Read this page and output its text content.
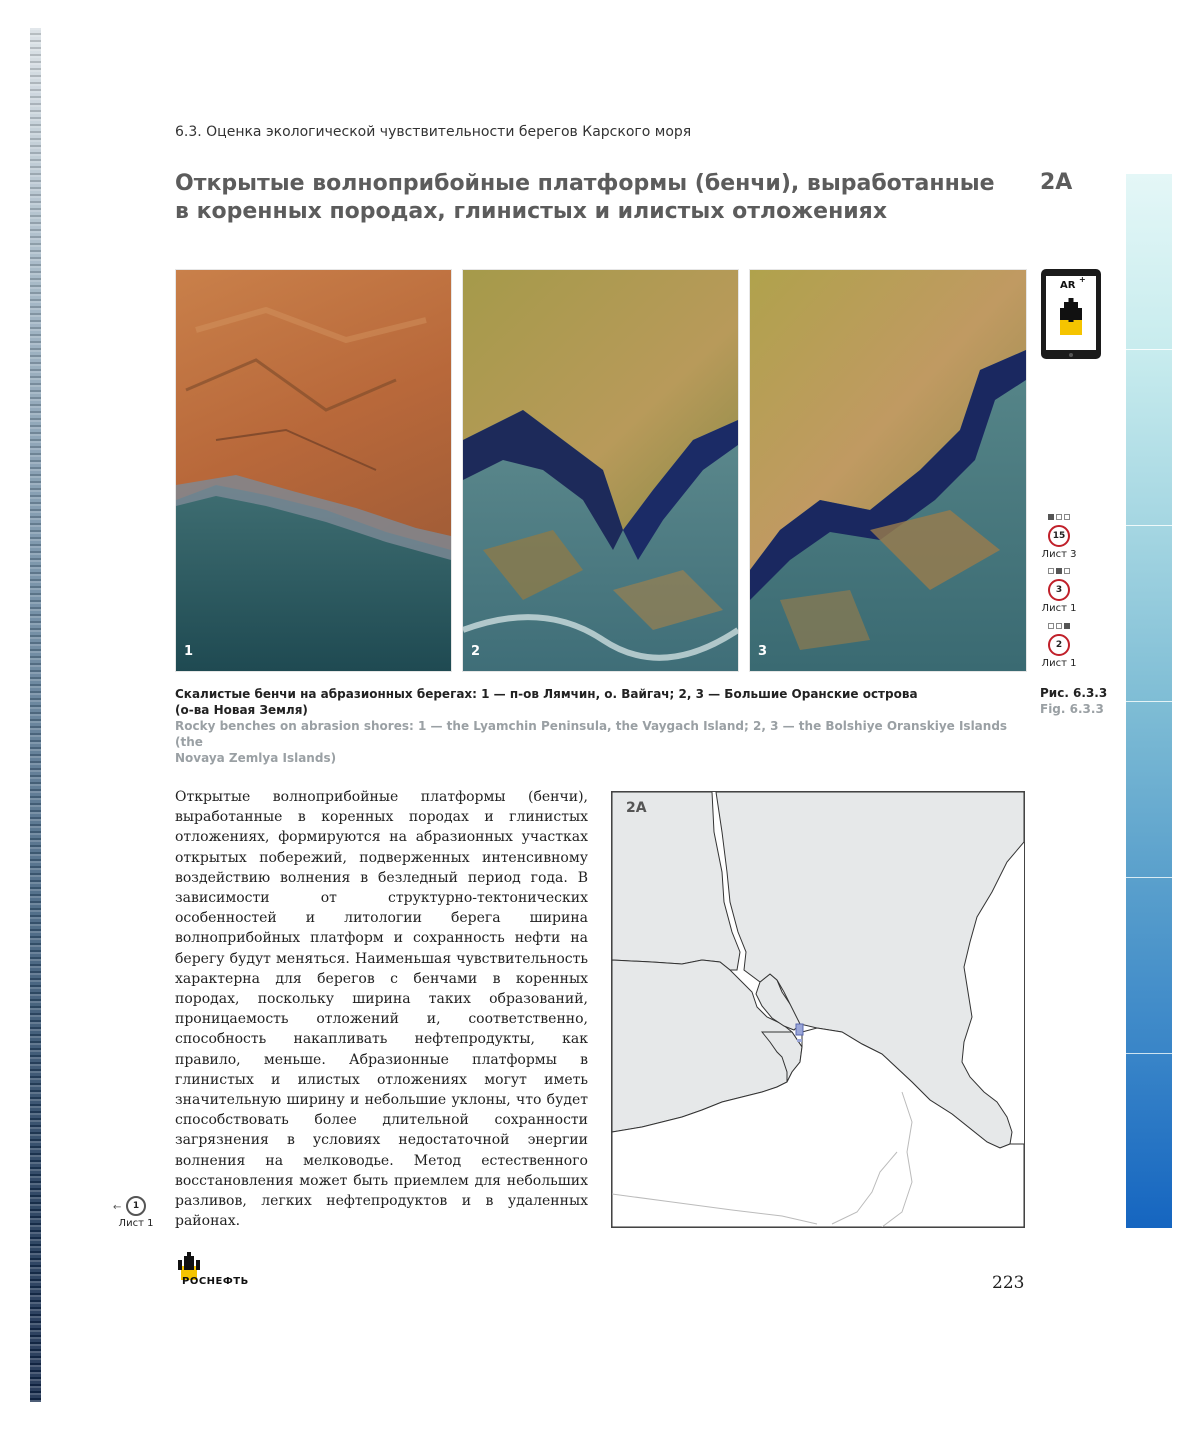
6.3. Оценка экологической чувствительности берегов Карского моря
Открытые волноприбойные платформы (бенчи), выработанные
в коренных породах, глинистых и илистых отложениях
2A
1	2	3
AR
+
15
Лист 3
3
Лист 1
2
Лист 1
Скалистые бенчи на абразионных берегах: 1 — п-ов Лямчин, о. Вайгач; 2, 3 — Большие Оранские острова
(о-ва Новая Земля)
Rocky benches on abrasion shores: 1 — the Lyamchin Peninsula, the Vaygach Island; 2, 3 — the Bolshiye Oranskiye Islands (the
Novaya Zemlya Islands)
Рис. 6.3.3
Fig. 6.3.3

Открытые волноприбойные платформы (бенчи), выработанные в коренных породах и глинистых отложениях, формируются на абразионных участках открытых побережий, подверженных интенсивному воздействию волнения в безледный период года. В зависимости от структурно-тектонических особенностей и литологии берега ширина волноприбойных платформ и сохранность нефти на берегу будут меняться. Наименьшая чувствительность характерна для берегов с бенчами в коренных породах, поскольку ширина таких образований, проницаемость отложений и, соответственно, способность накапливать нефтепродукты, как правило, меньше. Абразионные платформы в глинистых и илистых отложениях могут иметь значительную ширину и небольшие уклоны, что будет способствовать более длительной сохранности загрязнения в условиях недостаточной энергии волнения на мелководье. Метод естественного восстановления может быть приемлем для небольших разливов, легких нефтепродуктов и в удаленных районах.

2A
← 1
Лист 1
РОСНЕФТЬ	223
